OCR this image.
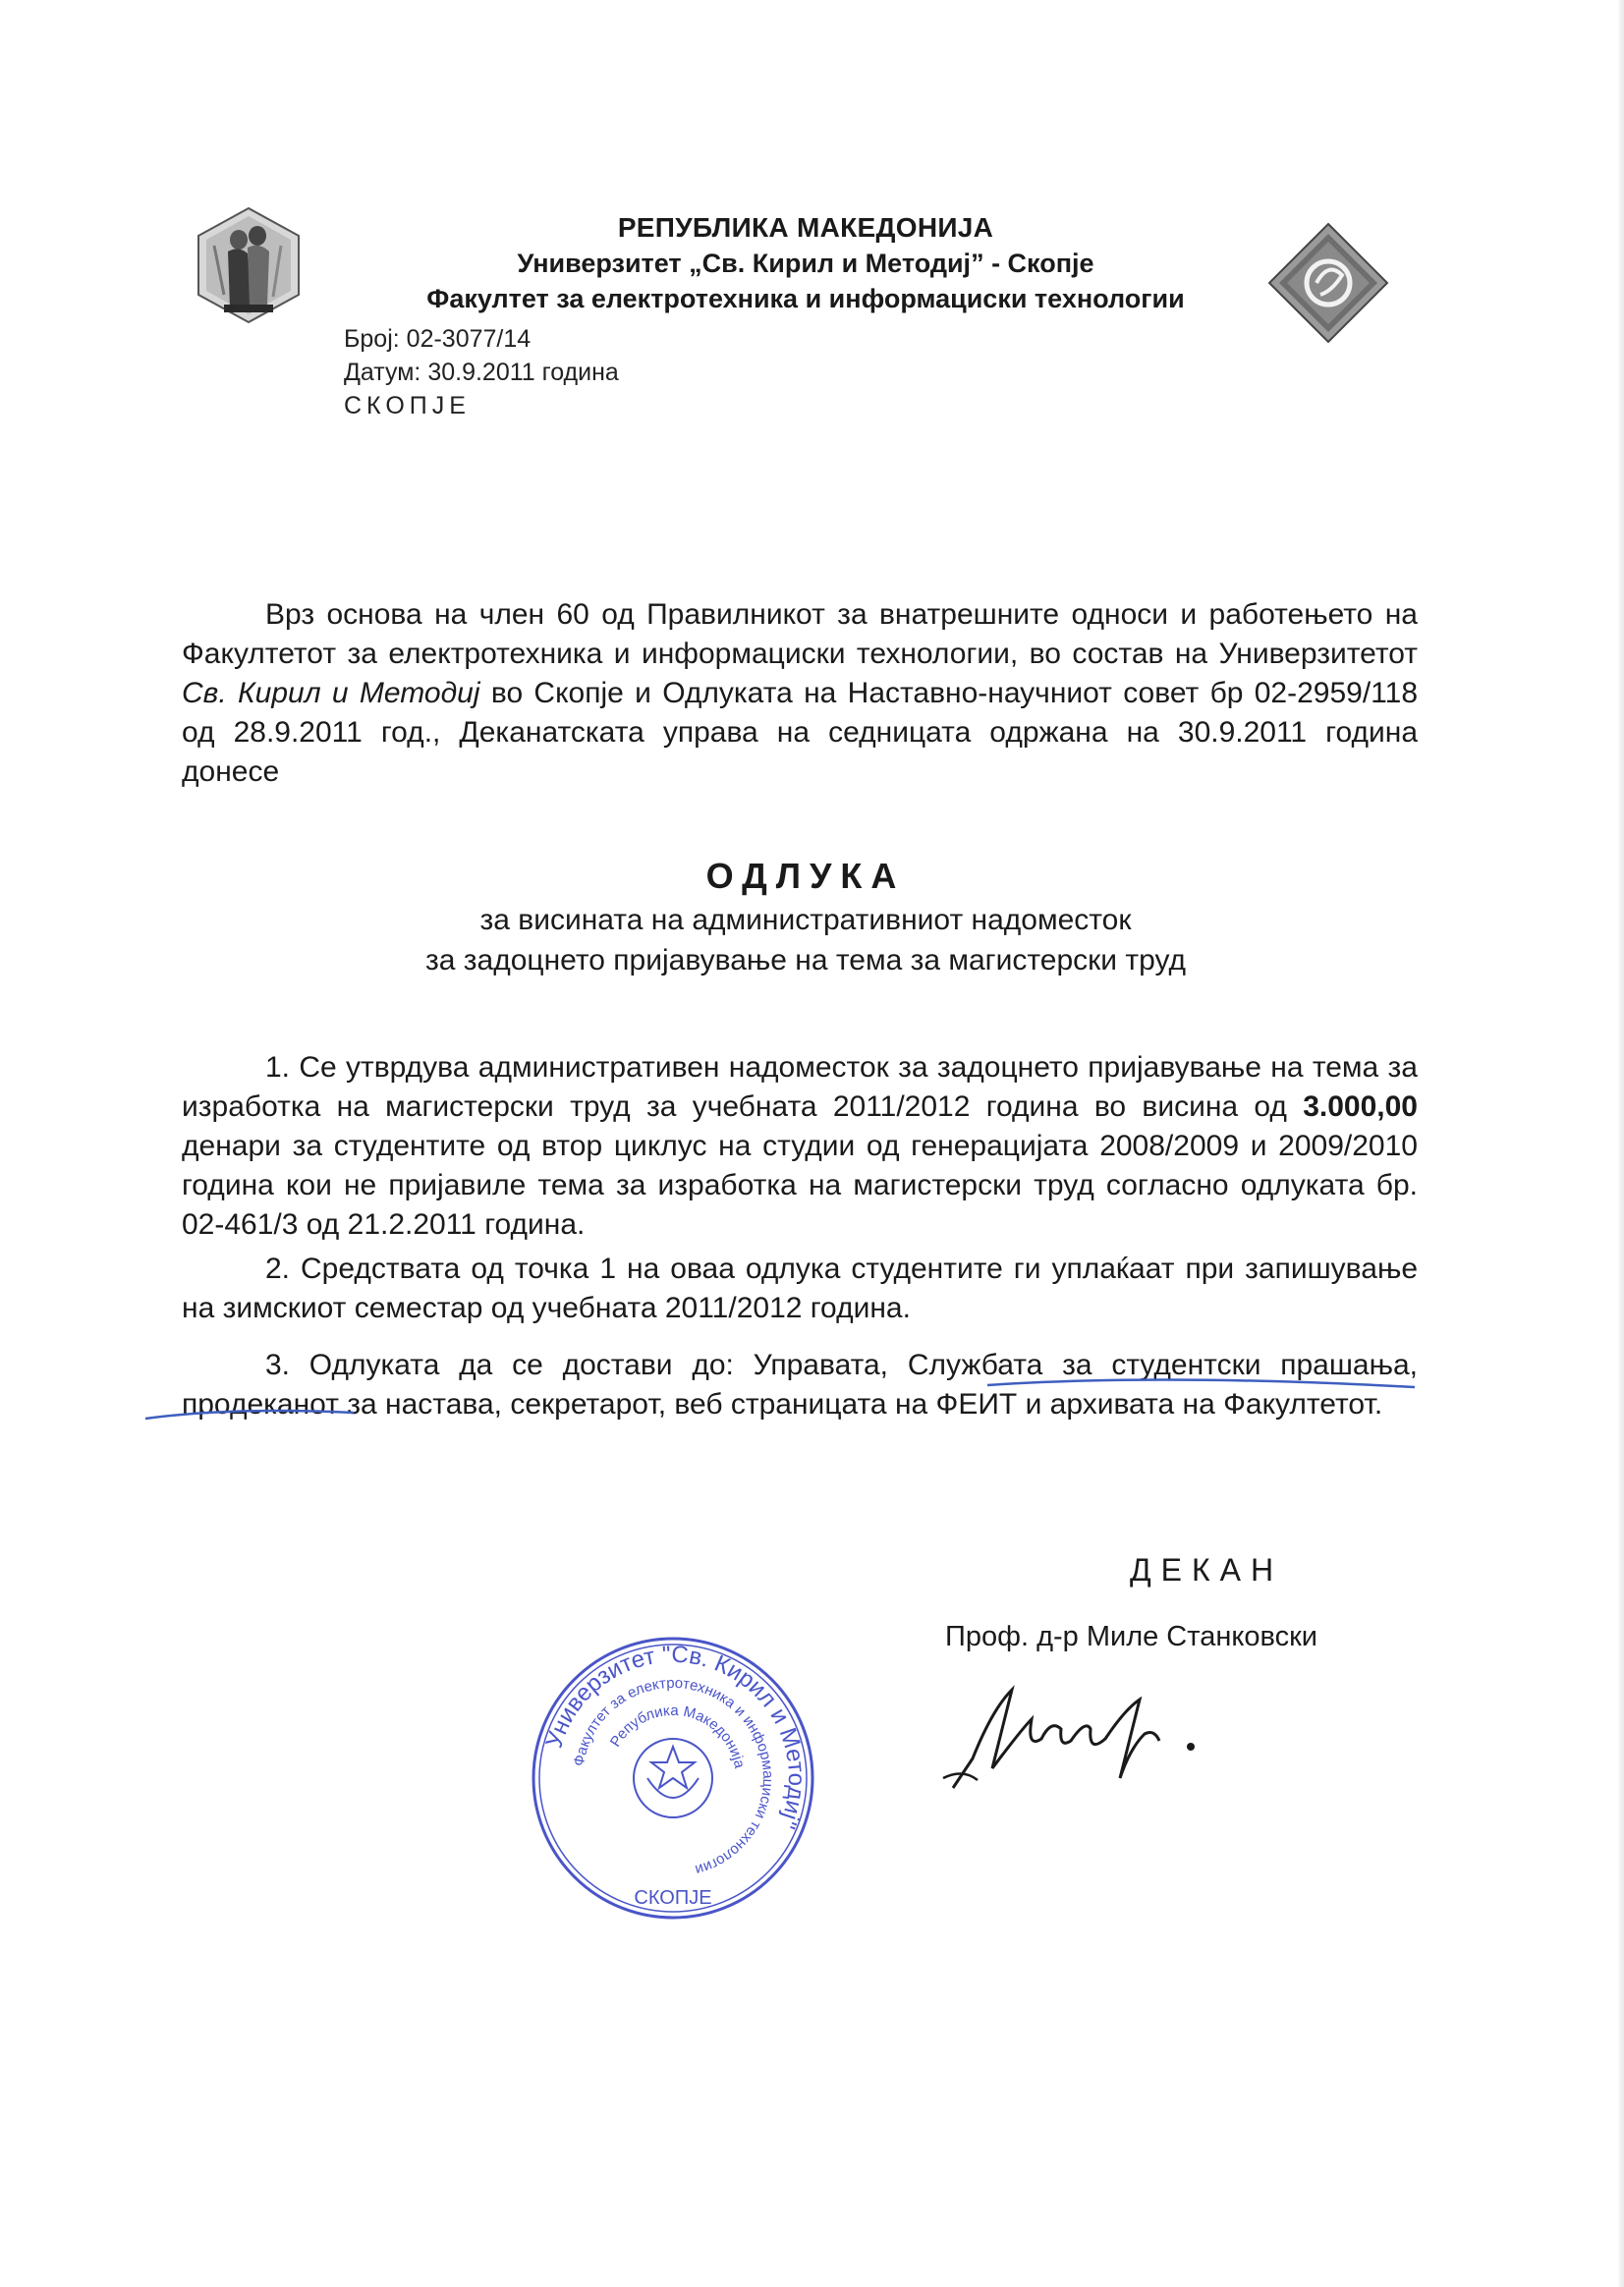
РЕПУБЛИКА МАКЕДОНИЈА
Универзитет „Св. Кирил и Методиј” - Скопје
Факултет за електротехника и информациски технологии
Број: 02-3077/14
Датум: 30.9.2011 година
СКОПЈЕ
Врз основа на член 60 од Правилникот за внатрешните односи и работењето на Факултетот за електротехника и информациски технологии, во состав на Универзитетот Св. Кирил и Методиј во Скопје и Одлуката на Наставно-научниот совет бр 02-2959/118 од 28.9.2011 год., Деканатската управа на седницата одржана на 30.9.2011 година донесе
ОДЛУКА
за висината на административниот надоместок
за задоцнето пријавување на тема за магистерски труд
1. Се утврдува административен надоместок за задоцнето пријавување на тема за изработка на магистерски труд за учебната 2011/2012 година во висина од 3.000,00 денари за студентите од втор циклус на студии од генерацијата 2008/2009 и 2009/2010 година кои не пријавиле тема за изработка на магистерски труд согласно одлуката бр. 02-461/3 од 21.2.2011 година.
2. Средствата од точка 1 на оваа одлука студентите ги уплаќаат при запишување на зимскиот семестар од учебната 2011/2012 година.
3. Одлуката да се достави до: Управата, Службата за студентски прашања, продеканот за настава, секретарот, веб страницата на ФЕИТ и архивата на Факултетот.
ДЕКАН
Проф. д-р Миле Станковски
Универзитет "Св. Кирил и Методиј"
Факултет за електротехника и информациски технологии
Република Македонија
СКОПЈЕ
